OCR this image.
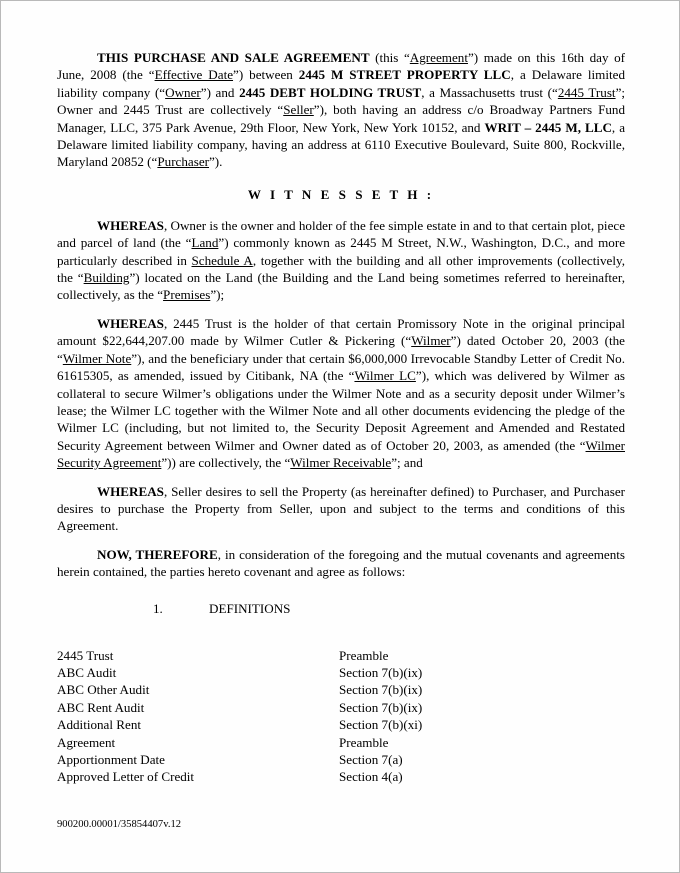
THIS PURCHASE AND SALE AGREEMENT (this “Agreement”) made on this 16th day of June, 2008 (the “Effective Date”) between 2445 M STREET PROPERTY LLC, a Delaware limited liability company (“Owner”) and 2445 DEBT HOLDING TRUST, a Massachusetts trust (“2445 Trust”; Owner and 2445 Trust are collectively “Seller”), both having an address c/o Broadway Partners Fund Manager, LLC, 375 Park Avenue, 29th Floor, New York, New York 10152, and WRIT – 2445 M, LLC, a Delaware limited liability company, having an address at 6110 Executive Boulevard, Suite 800, Rockville, Maryland 20852 (“Purchaser”).

W I T N E S S E T H :

WHEREAS, Owner is the owner and holder of the fee simple estate in and to that certain plot, piece and parcel of land (the “Land”) commonly known as 2445 M Street, N.W., Washington, D.C., and more particularly described in Schedule A, together with the building and all other improvements (collectively, the “Building”) located on the Land (the Building and the Land being sometimes referred to hereinafter, collectively, as the “Premises”);

WHEREAS, 2445 Trust is the holder of that certain Promissory Note in the original principal amount $22,644,207.00 made by Wilmer Cutler & Pickering (“Wilmer”) dated October 20, 2003 (the “Wilmer Note”), and the beneficiary under that certain $6,000,000 Irrevocable Standby Letter of Credit No. 61615305, as amended, issued by Citibank, NA (the “Wilmer LC”), which was delivered by Wilmer as collateral to secure Wilmer’s obligations under the Wilmer Note and as a security deposit under Wilmer’s lease; the Wilmer LC together with the Wilmer Note and all other documents evidencing the pledge of the Wilmer LC (including, but not limited to, the Security Deposit Agreement and Amended and Restated Security Agreement between Wilmer and Owner dated as of October 20, 2003, as amended (the “Wilmer Security Agreement”)) are collectively, the “Wilmer Receivable”; and

WHEREAS, Seller desires to sell the Property (as hereinafter defined) to Purchaser, and Purchaser desires to purchase the Property from Seller, upon and subject to the terms and conditions of this Agreement.

NOW, THEREFORE, in consideration of the foregoing and the mutual covenants and agreements herein contained, the parties hereto covenant and agree as follows:

1.	DEFINITIONS
2445 Trust	Preamble
ABC Audit	Section 7(b)(ix)
ABC Other Audit	Section 7(b)(ix)
ABC Rent Audit	Section 7(b)(ix)
Additional Rent	Section 7(b)(xi)
Agreement	Preamble
Apportionment Date	Section 7(a)
Approved Letter of Credit	Section 4(a)
900200.00001/35854407v.12
